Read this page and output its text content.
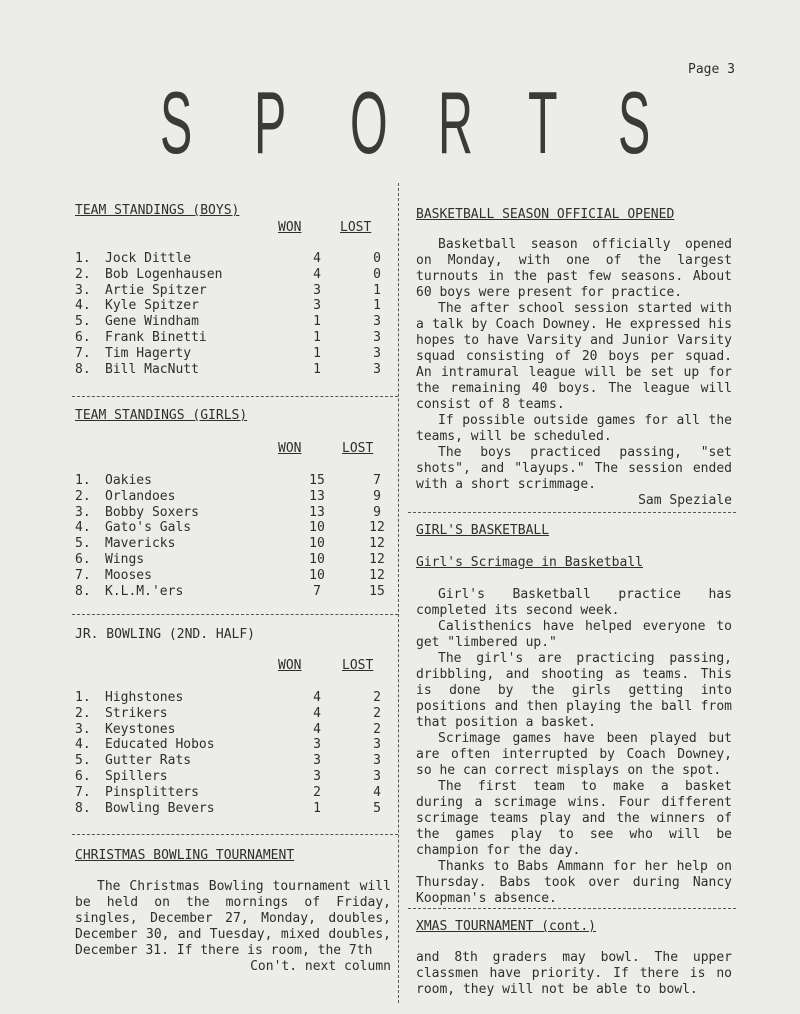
Page 3
S P O R T S
TEAM STANDINGS (BOYS)
WON	LOST
1.	Jock Dittle	4	0
2.	Bob Logenhausen	4	0
3.	Artie Spitzer	3	1
4.	Kyle Spitzer	3	1
5.	Gene Windham	1	3
6.	Frank Binetti	1	3
7.	Tim Hagerty	1	3
8.	Bill MacNutt	1	3
TEAM STANDINGS (GIRLS)
WON	LOST
1.	Oakies	15	7
2.	Orlandoes	13	9
3.	Bobby Soxers	13	9
4.	Gato's Gals	10	12
5.	Mavericks	10	12
6.	Wings	10	12
7.	Mooses	10	12
8.	K.L.M.'ers	7	15
JR. BOWLING (2ND. HALF)
WON	LOST
1.	Highstones	4	2
2.	Strikers	4	2
3.	Keystones	4	2
4.	Educated Hobos	3	3
5.	Gutter Rats	3	3
6.	Spillers	3	3
7.	Pinsplitters	2	4
8.	Bowling Bevers	1	5
CHRISTMAS BOWLING TOURNAMENT

The Christmas Bowling tournament will be held on the mornings of Friday, singles, December 27, Monday, doubles, December 30, and Tuesday, mixed doubles, December 31. If there is room, the 7th

Con't. next column
BASKETBALL SEASON OFFICIAL OPENED

Basketball season officially opened on Monday, with one of the largest turnouts in the past few seasons. About 60 boys were present for practice.

The after school session started with a talk by Coach Downey. He expressed his hopes to have Varsity and Junior Varsity squad consisting of 20 boys per squad. An intramural league will be set up for the remaining 40 boys. The league will consist of 8 teams.

If possible outside games for all the teams, will be scheduled.

The boys practiced passing, "set shots", and "layups." The session ended with a short scrimmage.

Sam Speziale
GIRL'S BASKETBALL
Girl's Scrimage in Basketball

Girl's Basketball practice has completed its second week.

Calisthenics have helped everyone to get "limbered up."

The girl's are practicing passing, dribbling, and shooting as teams. This is done by the girls getting into positions and then playing the ball from that position a basket.

Scrimage games have been played but are often interrupted by Coach Downey, so he can correct misplays on the spot.

The first team to make a basket during a scrimage wins. Four different scrimage teams play and the winners of the games play to see who will be champion for the day.

Thanks to Babs Ammann for her help on Thursday. Babs took over during Nancy Koopman's absence.

XMAS TOURNAMENT (cont.)
and 8th graders may bowl. The upper classmen have priority. If there is no room, they will not be able to bowl.
